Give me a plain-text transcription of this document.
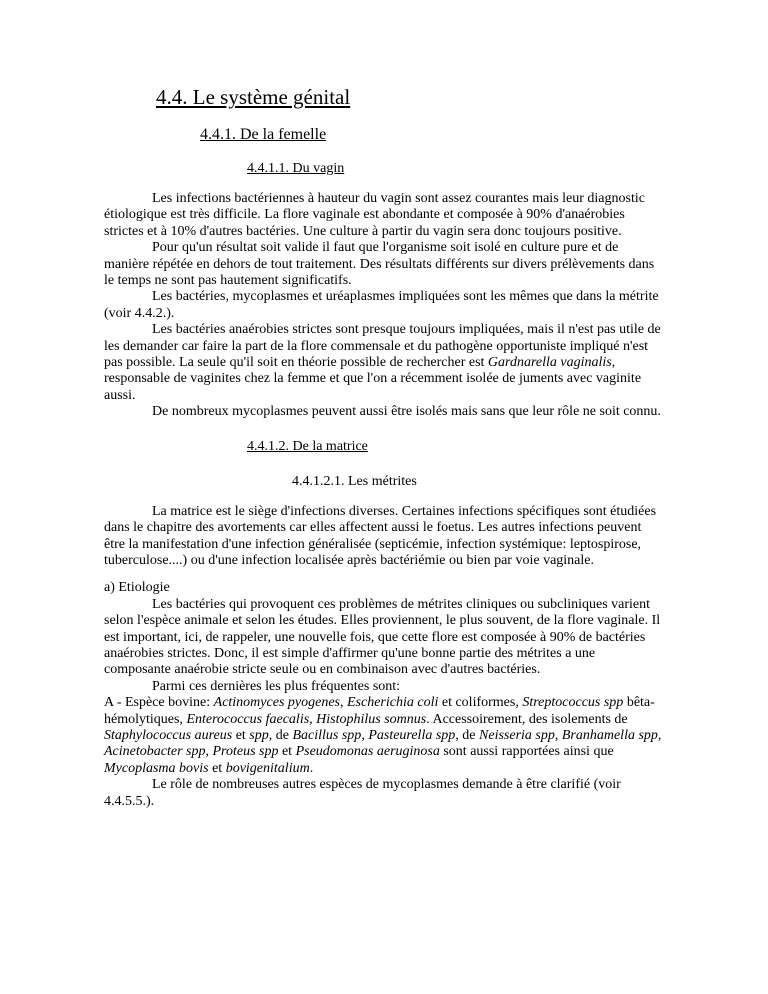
4.4. Le système génital
4.4.1. De la femelle
4.4.1.1. Du vagin

Les infections bactériennes à hauteur du vagin sont assez courantes mais leur diagnostic étiologique est très difficile. La flore vaginale est abondante et composée à 90% d'anaérobies strictes et à 10% d'autres bactéries. Une culture à partir du vagin sera donc toujours positive.

Pour qu'un résultat soit valide il faut que l'organisme soit isolé en culture pure et de manière répétée en dehors de tout traitement. Des résultats différents sur divers prélèvements dans le temps ne sont pas hautement significatifs.

Les bactéries, mycoplasmes et uréaplasmes impliquées sont les mêmes que dans la métrite (voir 4.4.2.).

Les bactéries anaérobies strictes sont presque toujours impliquées, mais il n'est pas utile de les demander car faire la part de la flore commensale et du pathogène opportuniste impliqué n'est pas possible. La seule qu'il soit en théorie possible de rechercher est Gardnarella vaginalis, responsable de vaginites chez la femme et que l'on a récemment isolée de juments avec vaginite aussi.

De nombreux mycoplasmes peuvent aussi être isolés mais sans que leur rôle ne soit connu.

4.4.1.2. De la matrice
4.4.1.2.1. Les métrites

La matrice est le siège d'infections diverses. Certaines infections spécifiques sont étudiées dans le chapitre des avortements car elles affectent aussi le foetus. Les autres infections peuvent être la manifestation d'une infection généralisée (septicémie, infection systémique: leptospirose, tuberculose....) ou d'une infection localisée après bactériémie ou bien par voie vaginale.

a) Etiologie

Les bactéries qui provoquent ces problèmes de métrites cliniques ou subcliniques varient selon l'espèce animale et selon les études. Elles proviennent, le plus souvent, de la flore vaginale. Il est important, ici, de rappeler, une nouvelle fois, que cette flore est composée à 90% de bactéries anaérobies strictes. Donc, il est simple d'affirmer qu'une bonne partie des métrites a une composante anaérobie stricte seule ou en combinaison avec d'autres bactéries.

Parmi ces dernières les plus fréquentes sont:

A - Espèce bovine: Actinomyces pyogenes, Escherichia coli et coliformes, Streptococcus spp bêta-hémolytiques, Enterococcus faecalis, Histophilus somnus. Accessoirement, des isolements de Staphylococcus aureus et spp, de Bacillus spp, Pasteurella spp, de Neisseria spp, Branhamella spp, Acinetobacter spp, Proteus spp et Pseudomonas aeruginosa sont aussi rapportées ainsi que Mycoplasma bovis et bovigenitalium.

Le rôle de nombreuses autres espèces de mycoplasmes demande à être clarifié (voir 4.4.5.5.).
